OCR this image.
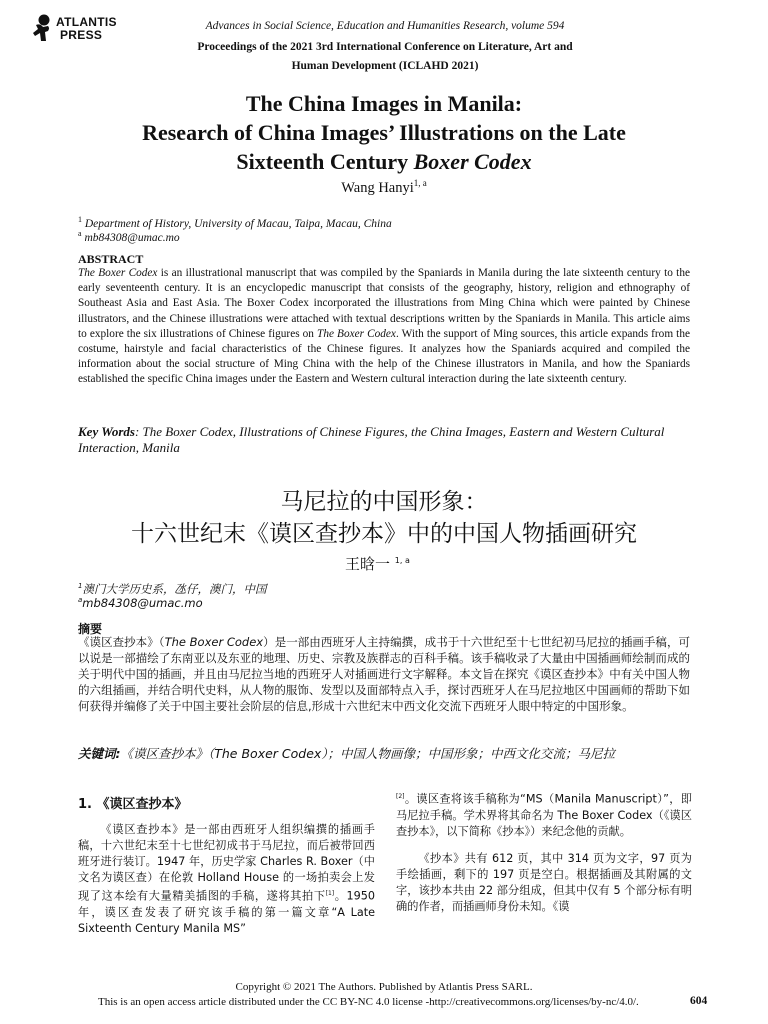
ATLANTIS
PRESS
Advances in Social Science, Education and Humanities Research, volume 594
Proceedings of the 2021 3rd International Conference on Literature, Art and
Human Development (ICLAHD 2021)
The China Images in Manila:
Research of China Images’ Illustrations on the Late
Sixteenth Century Boxer Codex
Wang Hanyi$^{1, a}$
$^1$ Department of History, University of Macau, Taipa, Macau, China
$^a$ mb84308@umac.mo
ABSTRACT
The Boxer Codex is an illustrational manuscript that was compiled by the Spaniards in Manila during the late sixteenth century to the early seventeenth century. It is an encyclopedic manuscript that consists of the geography, history, religion and ethnography of Southeast Asia and East Asia. The Boxer Codex incorporated the illustrations from Ming China which were painted by Chinese illustrators, and the Chinese illustrations were attached with textual descriptions written by the Spaniards in Manila. This article aims to explore the six illustrations of Chinese figures on The Boxer Codex. With the support of Ming sources, this article expands from the costume, hairstyle and facial characteristics of the Chinese figures. It analyzes how the Spaniards acquired and compiled the information about the social structure of Ming China with the help of the Chinese illustrators in Manila, and how the Spaniards established the specific China images under the Eastern and Western cultural interaction during the late sixteenth century.
Key Words: The Boxer Codex, Illustrations of Chinese Figures, the China Images, Eastern and Western Cultural Interaction, Manila
马尼拉的中国形象：
十六世纪末《谟区查抄本》中的中国人物插画研究
王晗一 $^{1, a}$
$^1$澳门大学历史系，氹仔，澳门，中国
$^a$mb84308@umac.mo
摘要
《谟区查抄本》（The Boxer Codex）是一部由西班牙人主持编撰，成书于十六世纪至十七世纪初马尼拉的插画手稿，可以说是一部描绘了东南亚以及东亚的地理、历史、宗教及族群志的百科手稿。该手稿收录了大量由中国插画师绘制而成的关于明代中国的插画，并且由马尼拉当地的西班牙人对插画进行文字解释。本文旨在探究《谟区查抄本》中有关中国人物的六组插画，并结合明代史料，从人物的服饰、发型以及面部特点入手，探讨西班牙人在马尼拉地区中国画师的帮助下如何获得并编修了关于中国主要社会阶层的信息,形成十六世纪末中西文化交流下西班牙人眼中特定的中国形象。
关键词:《谟区查抄本》（The Boxer Codex）；中国人物画像；中国形象；中西文化交流；马尼拉
1. 《谟区查抄本》

《谟区查抄本》是一部由西班牙人组织编撰的插画手稿，十六世纪末至十七世纪初成书于马尼拉，而后被带回西班牙进行装订。1947 年，历史学家 Charles R. Boxer（中文名为谟区查）在伦敦 Holland House 的一场拍卖会上发现了这本绘有大量精美插图的手稿，遂将其拍下[1]。1950 年，谟区查发表了研究该手稿的第一篇文章“A Late Sixteenth Century Manila MS”

[2]。谟区查将该手稿称为“MS（Manila Manuscript）”，即马尼拉手稿。学术界将其命名为 The Boxer Codex（《谟区查抄本》，以下简称《抄本》）来纪念他的贡献。

《抄本》共有 612 页，其中 314 页为文字，97 页为手绘插画，剩下的 197 页是空白。根据插画及其附属的文字，该抄本共由 22 部分组成，但其中仅有 5 个部分标有明确的作者，而插画师身份未知。《谟

Copyright © 2021 The Authors. Published by Atlantis Press SARL.
This is an open access article distributed under the CC BY-NC 4.0 license -http://creativecommons.org/licenses/by-nc/4.0/.	604
